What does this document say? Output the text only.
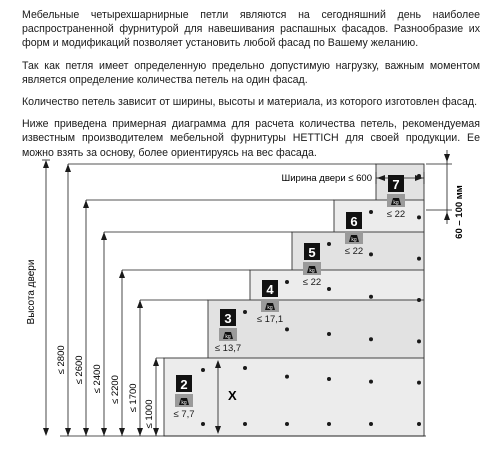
Мебельные четырехшарнирные петли являются на сегодняшний день наиболее распространенной фурнитурой для навешивания распашных фасадов. Разнообразие их форм и модификаций позволяет установить любой фасад по Вашему желанию.

Так как петля имеет определенную предельно допустимую нагрузку, важным моментом является определение количества петель на один фасад.

Количество петель зависит от ширины, высоты и материала, из которого изготовлен фасад.

Ниже приведена примерная диаграмма для расчета количества петель, рекомендуемая известным производителем мебельной фурнитуры HETTICH для своей продукции. Ее можно взять за основу, более ориентируясь на вес фасада.

2
kg
≤ 7,7
3
kg
≤ 13,7
4
kg
≤ 17,1
5
kg
≤ 22
6
kg
≤ 22
7
kg
≤ 22
≤ 1000
≤ 1700
≤ 2200
≤ 2400
≤ 2600
≤ 2800
Высота двери
Ширина двери ≤ 600
60 – 100 мм
X
